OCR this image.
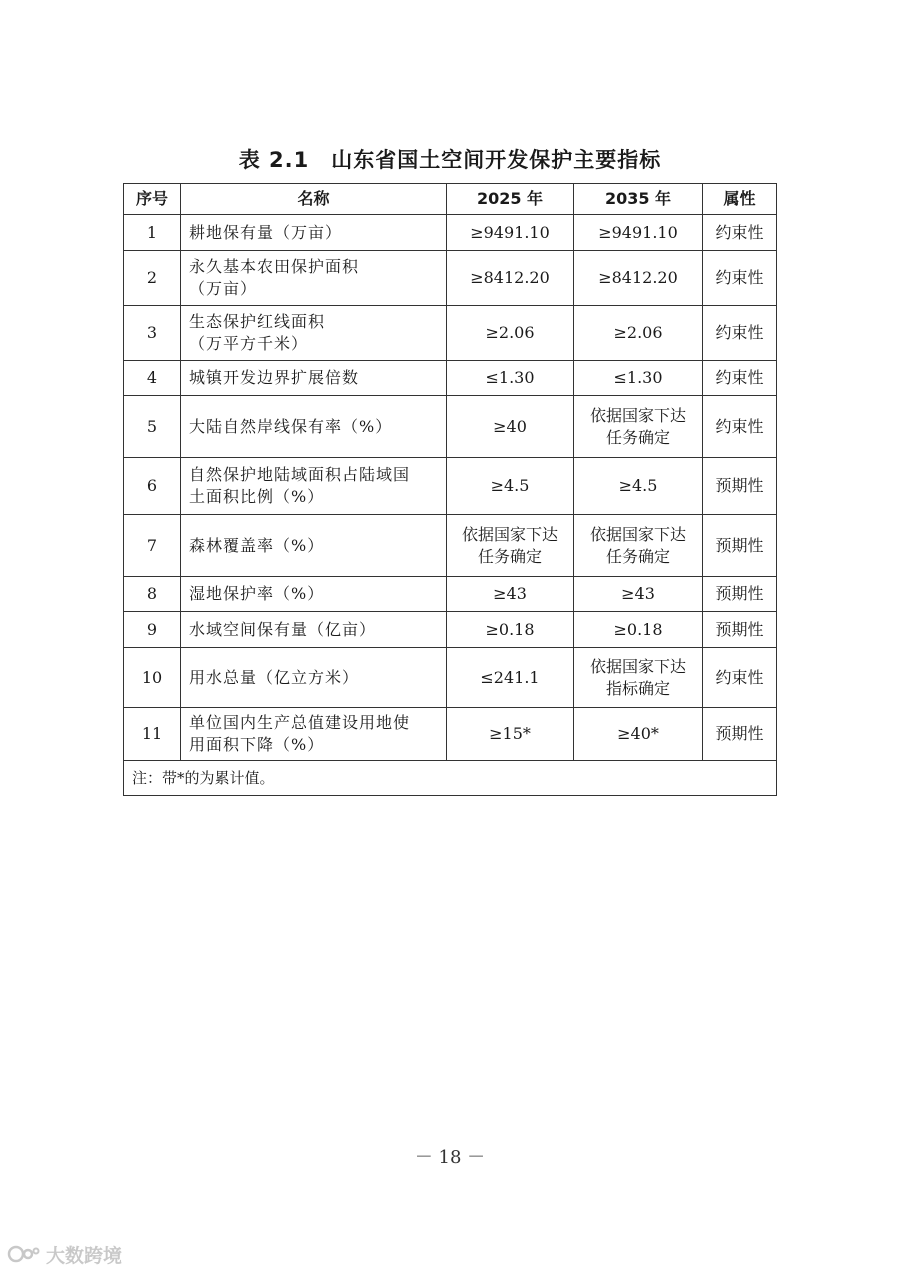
表 2.1　山东省国土空间开发保护主要指标
序号	名称	2025 年	2035 年	属性
1	耕地保有量（万亩）	≥9491.10	≥9491.10	约束性
2	永久基本农田保护面积
（万亩）	≥8412.20	≥8412.20	约束性
3	生态保护红线面积
（万平方千米）	≥2.06	≥2.06	约束性
4	城镇开发边界扩展倍数	≤1.30	≤1.30	约束性
5	大陆自然岸线保有率（%）	≥40	依据国家下达
任务确定	约束性
6	自然保护地陆域面积占陆域国
土面积比例（%）	≥4.5	≥4.5	预期性
7	森林覆盖率（%）	依据国家下达
任务确定	依据国家下达
任务确定	预期性
8	湿地保护率（%）	≥43	≥43	预期性
9	水域空间保有量（亿亩）	≥0.18	≥0.18	预期性
10	用水总量（亿立方米）	≤241.1	依据国家下达
指标确定	约束性
11	单位国内生产总值建设用地使
用面积下降（%）	≥15*	≥40*	预期性
注：带*的为累计值。				
－ 18 －
大数跨境
